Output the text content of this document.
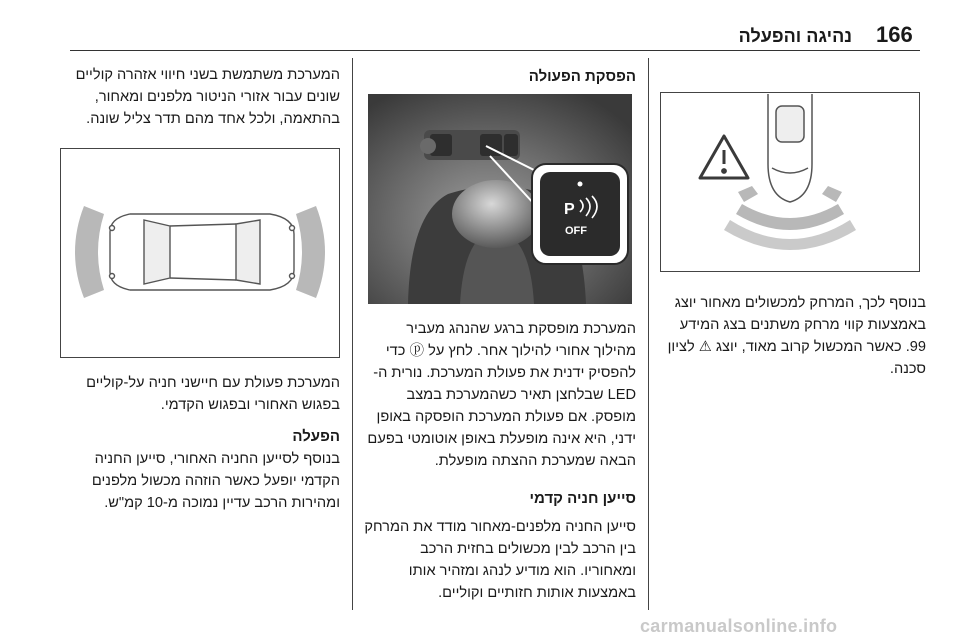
166
נהיגה והפעלה

בנוסף לכך, המרחק למכשולים מאחור יוצג באמצעות קווי מרחק משתנים בצג המידע 99. כאשר המכשול קרוב מאוד, יוצג ⚠ לציון סכנה.

הפסקת הפעולה

P
OFF

המערכת מופסקת ברגע שהנהג מעביר מהילוך אחורי להילוך אחר. לחץ על ⓟ כדי להפסיק ידנית את פעולת המערכת. נורית ה-LED שבלחצן תאיר כשהמערכת במצב מופסק. אם פעולת המערכת הופסקה באופן ידני, היא אינה מופעלת באופן אוטומטי בפעם הבאה שמערכת ההצתה מופעלת.

סייען חניה קדמי

סייען החניה מלפנים-מאחור מודד את המרחק בין הרכב לבין מכשולים בחזית הרכב ומאחוריו. הוא מודיע לנהג ומזהיר אותו באמצעות אותות חזותיים וקוליים.

המערכת משתמשת בשני חיווי אזהרה קוליים שונים עבור אזורי הניטור מלפנים ומאחור, בהתאמה, ולכל אחד מהם תדר צליל שונה.

המערכת פעולת עם חיישני חניה על-קוליים בפגוש האחורי ובפגוש הקדמי.

הפעלה

בנוסף לסייען החניה האחורי, סייען החניה הקדמי יופעל כאשר הוזהה מכשול מלפנים ומהירות הרכב עדיין נמוכה מ-10 קמ"ש.

carmanualsonline.info
